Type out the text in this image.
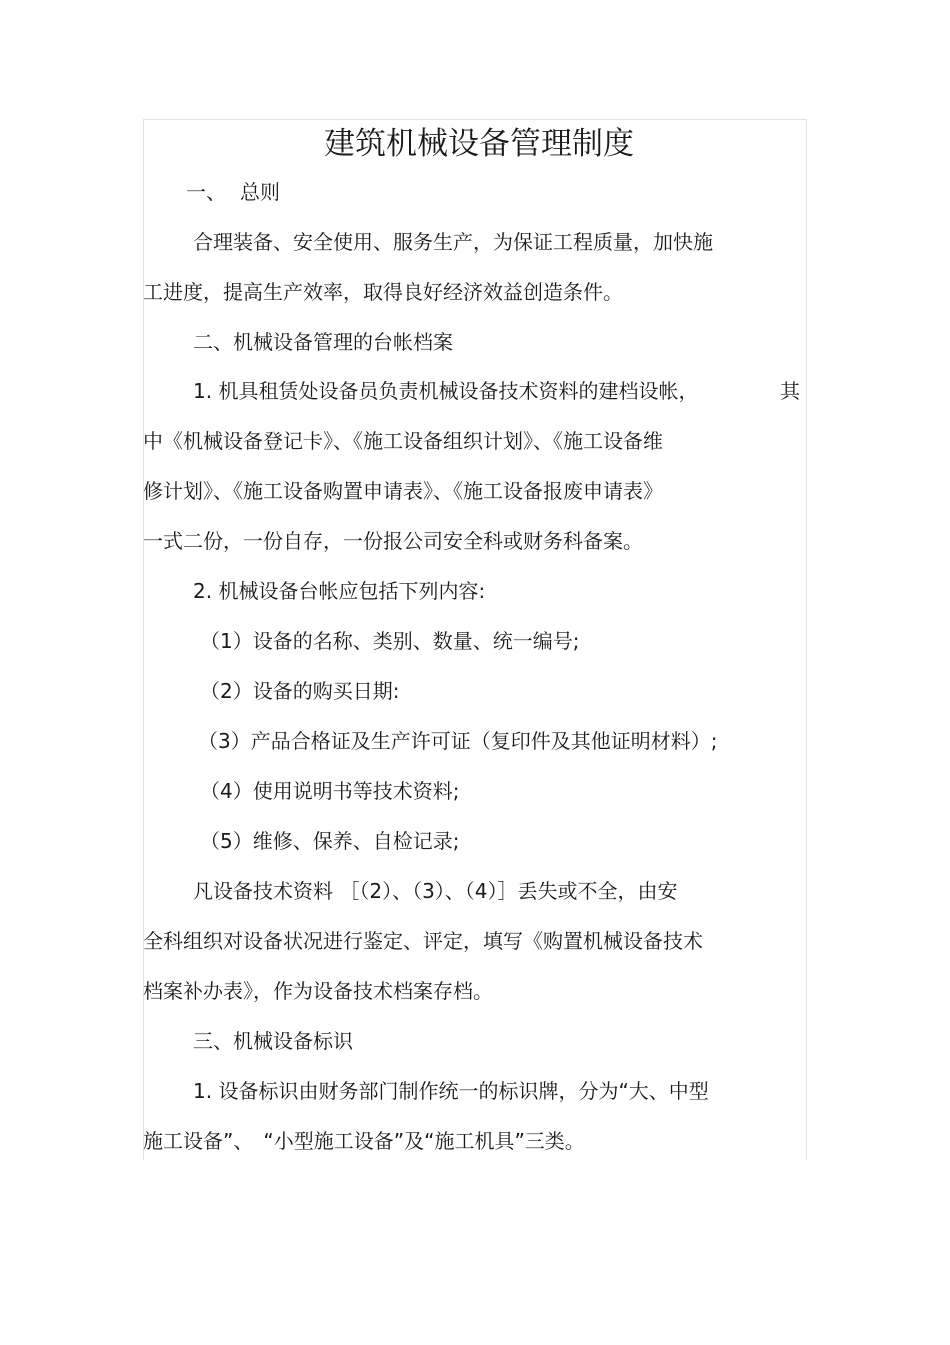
建筑机械设备管理制度

一、 总则

合理装备、安全使用、服务生产，为保证工程质量，加快施

工进度，提高生产效率，取得良好经济效益创造条件。

二、机械设备管理的台帐档案

1. 机具租赁处设备员负责机械设备技术资料的建档设帐，	其

中《机械设备登记卡》、《施工设备组织计划》、《施工设备维

修计划》、《施工设备购置申请表》、《施工设备报废申请表》

一式二份，一份自存，一份报公司安全科或财务科备案。

2. 机械设备台帐应包括下列内容:

（1）设备的名称、类别、数量、统一编号;

（2）设备的购买日期:

（3）产品合格证及生产许可证（复印件及其他证明材料）;

（4）使用说明书等技术资料;

（5）维修、保养、自检记录;

凡设备技术资料 ［（2）、（3）、（4）］丢失或不全，由安

全科组织对设备状况进行鉴定、评定，填写《购置机械设备技术

档案补办表》，作为设备技术档案存档。

三、机械设备标识

1. 设备标识由财务部门制作统一的标识牌，分为“大、中型

施工设备”、　“小型施工设备”及“施工机具”三类。
